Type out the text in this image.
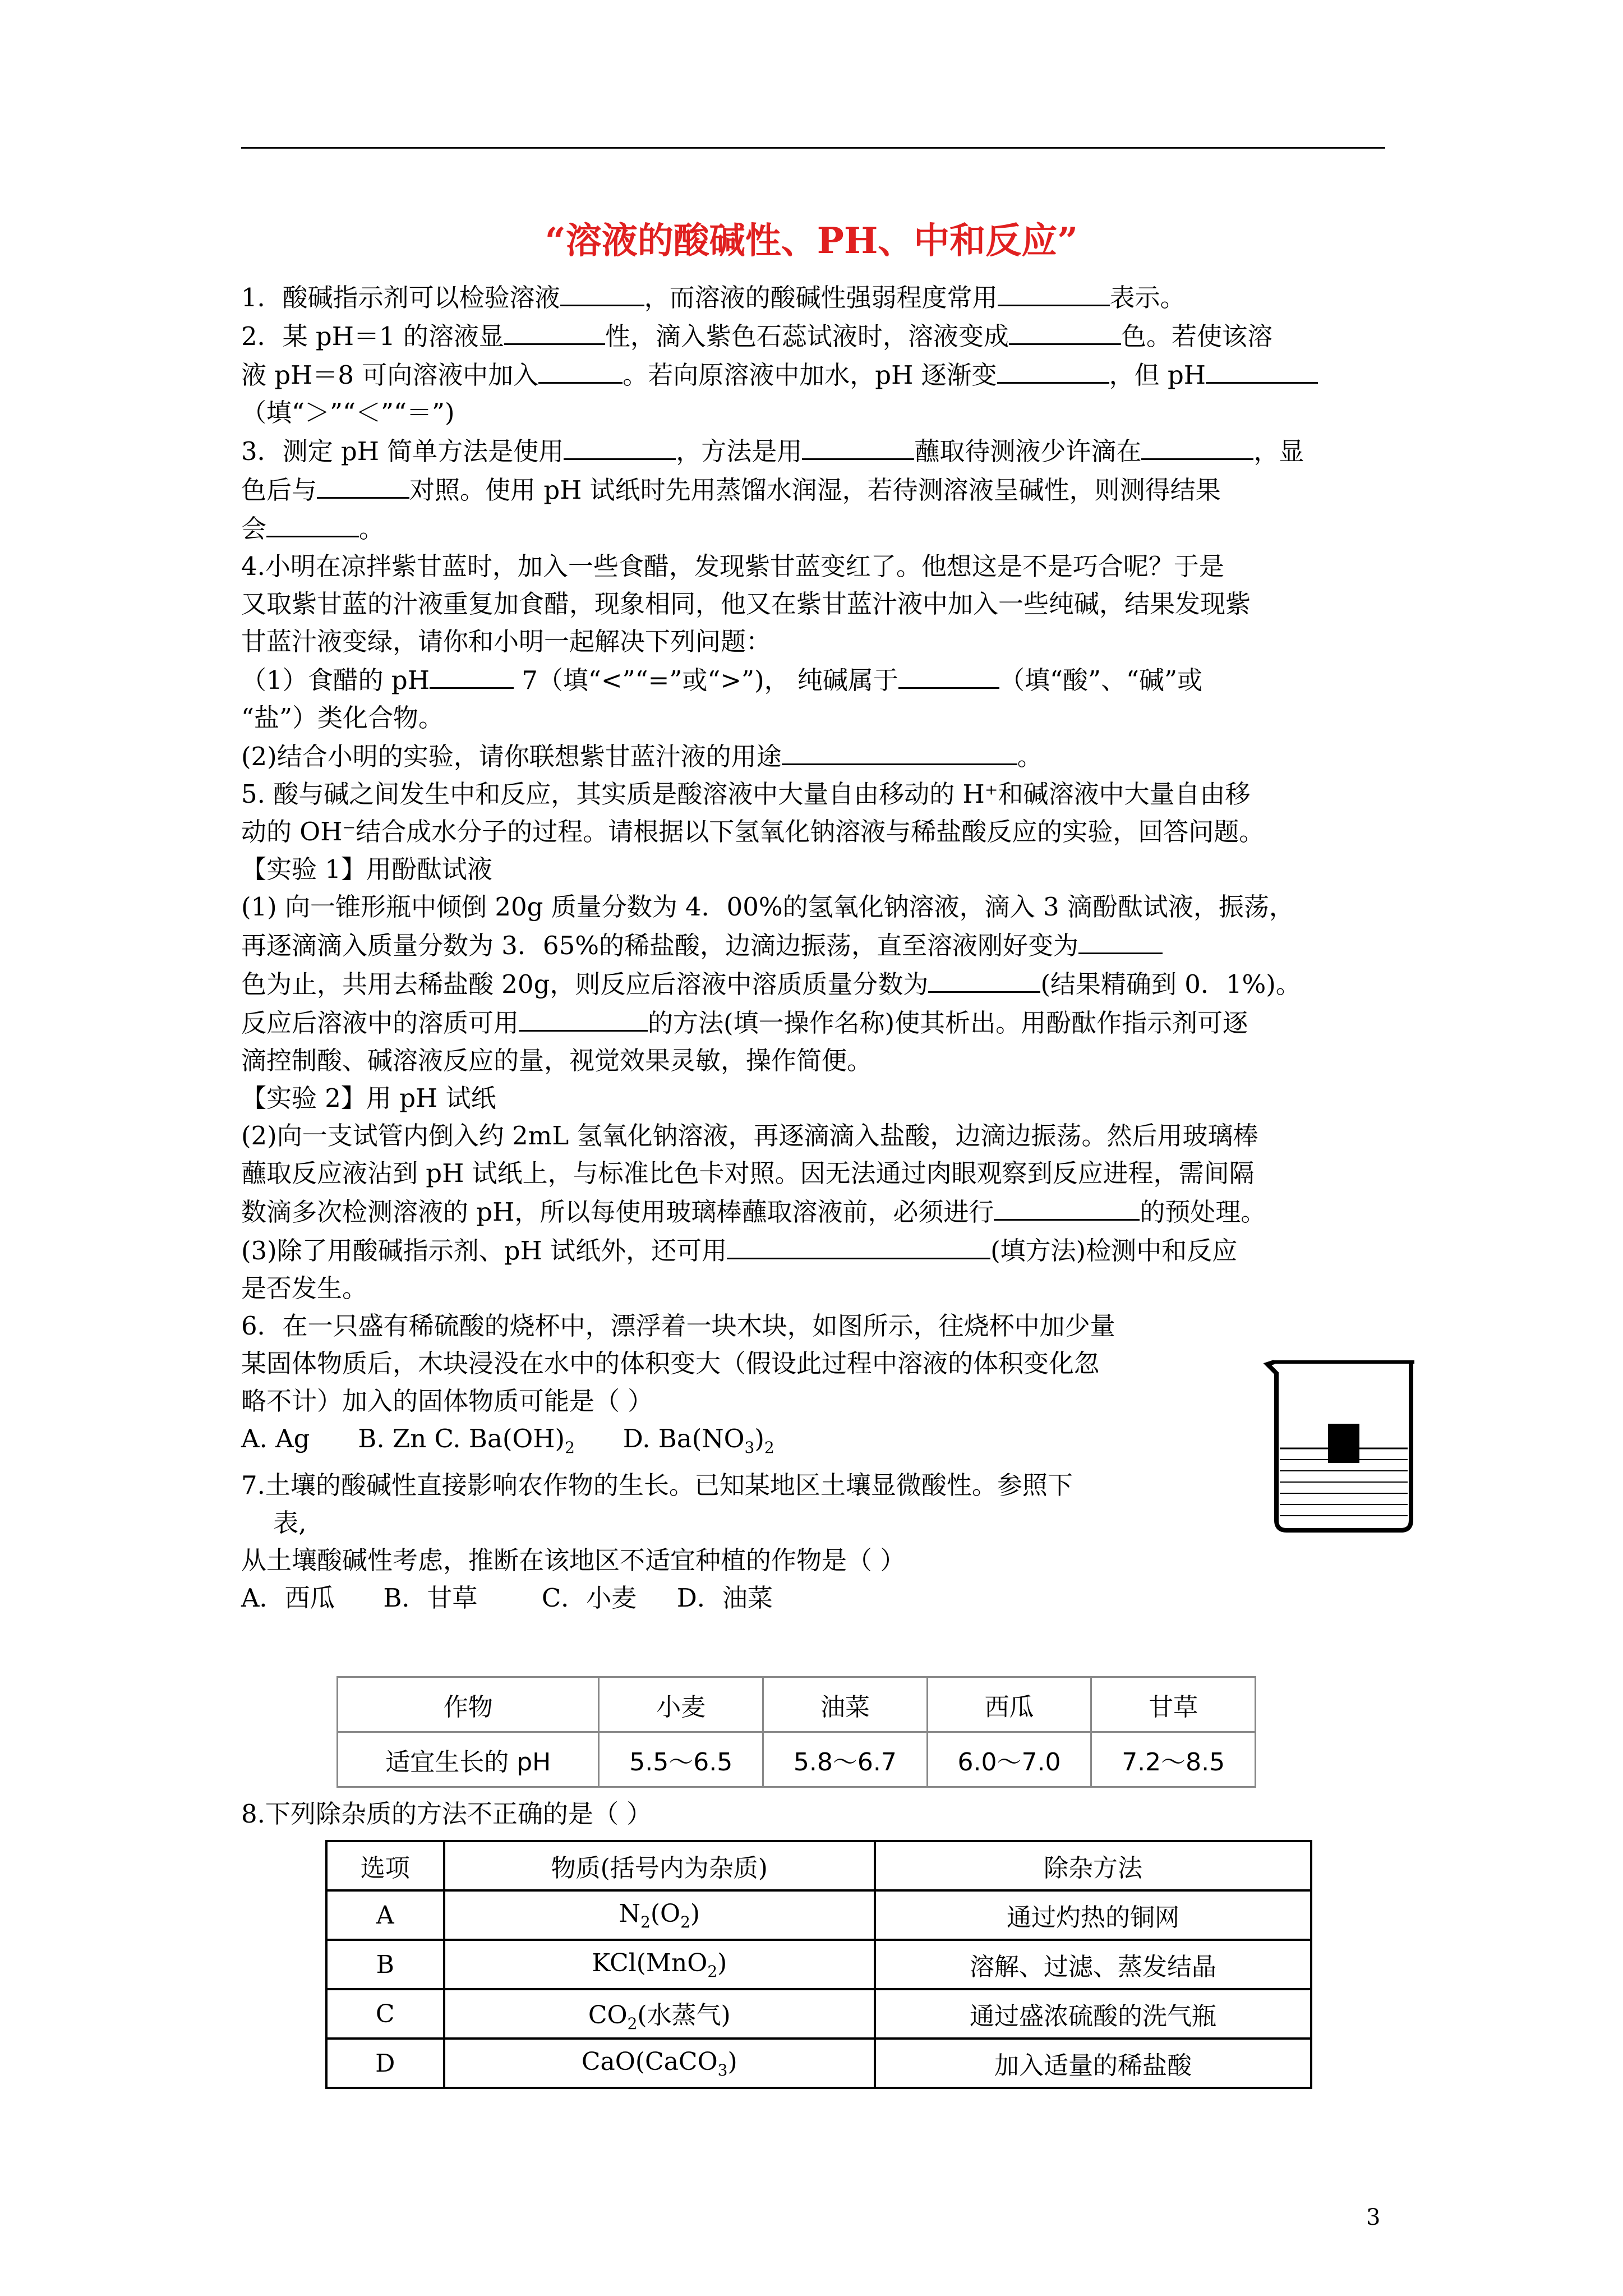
“溶液的酸碱性、PH、中和反应”

1．酸碱指示剂可以检验溶液	，而溶液的酸碱性强弱程度常用	表示。

2．某 pH＝1 的溶液显	性，滴入紫色石蕊试液时，溶液变成	色。若使该溶

液 pH＝8 可向溶液中加入	。若向原溶液中加水，pH 逐渐变	，但 pH

（填“＞”“＜”“＝”)

3．测定 pH 简单方法是使用	，方法是用	蘸取待测液少许滴在	，显

色后与	对照。使用 pH 试纸时先用蒸馏水润湿，若待测溶液呈碱性，则测得结果

会	。

4.小明在凉拌紫甘蓝时，加入一些食醋，发现紫甘蓝变红了。他想这是不是巧合呢？于是

又取紫甘蓝的汁液重复加食醋，现象相同，他又在紫甘蓝汁液中加入一些纯碱，结果发现紫

甘蓝汁液变绿，请你和小明一起解决下列问题：

（1）食醋的 pH	7（填“<”“=”或“>”)， 纯碱属于	（填“酸”、“碱”或

“盐”）类化合物。

(2)结合小明的实验，请你联想紫甘蓝汁液的用途	。

5. 酸与碱之间发生中和反应，其实质是酸溶液中大量自由移动的 H⁺和碱溶液中大量自由移

动的 OH⁻结合成水分子的过程。请根据以下氢氧化钠溶液与稀盐酸反应的实验，回答问题。

【实验 1】用酚酞试液

(1) 向一锥形瓶中倾倒 20g 质量分数为 4．00%的氢氧化钠溶液，滴入 3 滴酚酞试液，振荡，

再逐滴滴入质量分数为 3．65%的稀盐酸，边滴边振荡，直至溶液刚好变为

色为止，共用去稀盐酸 20g，则反应后溶液中溶质质量分数为	(结果精确到 0．1%)。

反应后溶液中的溶质可用	的方法(填一操作名称)使其析出。用酚酞作指示剂可逐

滴控制酸、碱溶液反应的量，视觉效果灵敏，操作简便。

【实验 2】用 pH 试纸

(2)向一支试管内倒入约 2mL 氢氧化钠溶液，再逐滴滴入盐酸，边滴边振荡。然后用玻璃棒

蘸取反应液沾到 pH 试纸上，与标准比色卡对照。因无法通过肉眼观察到反应进程，需间隔

数滴多次检测溶液的 pH，所以每使用玻璃棒蘸取溶液前，必须进行	的预处理。

(3)除了用酸碱指示剂、pH 试纸外，还可用	(填方法)检测中和反应

是否发生。

6．在一只盛有稀硫酸的烧杯中，漂浮着一块木块，如图所示，往烧杯中加少量

某固体物质后，木块浸没在水中的体积变大（假设此过程中溶液的体积变化忽

略不计）加入的固体物质可能是（ ）

A. Ag B. Zn C. $Ba(OH)_2$ D. $Ba(NO_3)_2$

7.土壤的酸碱性直接影响农作物的生长。已知某地区土壤显微酸性。参照下

表,

从土壤酸碱性考虑，推断在该地区不适宜种植的作物是（ ）

A．西瓜      B．甘草        C．小麦     D．油菜

作物	小麦	油菜	西瓜	甘草
适宜生长的 pH	5.5～6.5	5.8～6.7	6.0～7.0	7.2～8.5
8.下列除杂质的方法不正确的是（ ）
选项	物质(括号内为杂质)	除杂方法
A	$N_2(O_2)$	通过灼热的铜网
B	KCl(MnO$_2$)	溶解、过滤、蒸发结晶
C	$CO_2$(水蒸气)	通过盛浓硫酸的洗气瓶
D	CaO(CaCO$_3$)	加入适量的稀盐酸
3
